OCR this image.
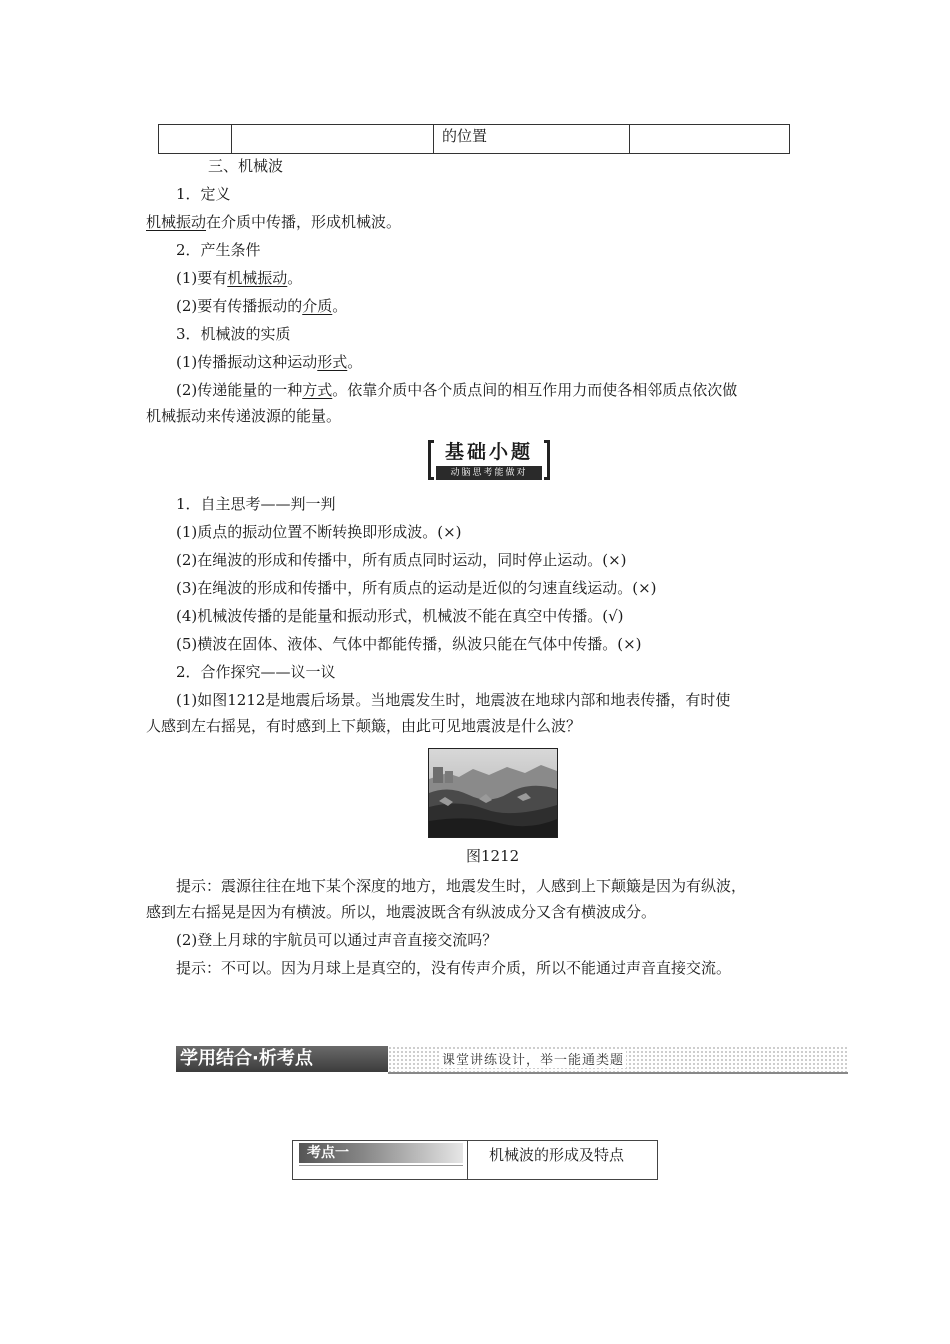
的位置
三、机械波
1．定义
机械振动在介质中传播，形成机械波。
2．产生条件
(1)要有机械振动。
(2)要有传播振动的介质。
3．机械波的实质
(1)传播振动这种运动形式。
(2)传递能量的一种方式。依靠介质中各个质点间的相互作用力而使各相邻质点依次做
机械振动来传递波源的能量。
基础小题
动脑思考能做对
1．自主思考——判一判
(1)质点的振动位置不断转换即形成波。(×)
(2)在绳波的形成和传播中，所有质点同时运动，同时停止运动。(×)
(3)在绳波的形成和传播中，所有质点的运动是近似的匀速直线运动。(×)
(4)机械波传播的是能量和振动形式，机械波不能在真空中传播。(√)
(5)横波在固体、液体、气体中都能传播，纵波只能在气体中传播。(×)
2．合作探究——议一议
(1)如图1212是地震后场景。当地震发生时，地震波在地球内部和地表传播，有时使
人感到左右摇晃，有时感到上下颠簸，由此可见地震波是什么波？
图1212
提示：震源往往在地下某个深度的地方，地震发生时，人感到上下颠簸是因为有纵波，
感到左右摇晃是因为有横波。所以，地震波既含有纵波成分又含有横波成分。
(2)登上月球的宇航员可以通过声音直接交流吗？
提示：不可以。因为月球上是真空的，没有传声介质，所以不能通过声音直接交流。
学用结合·析考点	课堂讲练设计，举一能通类题
考点一	机械波的形成及特点
